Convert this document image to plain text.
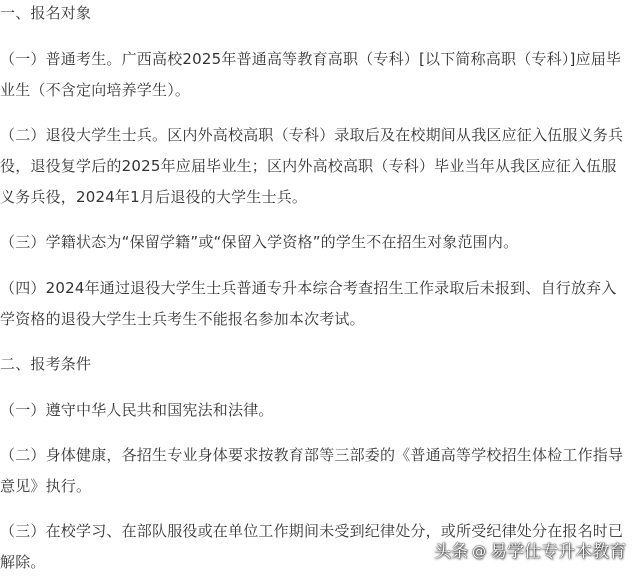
一、报名对象
（一）普通考生。广西高校2025年普通高等教育高职（专科）[以下简称高职（专科）]应届毕
业生（不含定向培养学生）。
（二）退役大学生士兵。区内外高校高职（专科）录取后及在校期间从我区应征入伍服义务兵
役，退役复学后的2025年应届毕业生；区内外高校高职（专科）毕业当年从我区应征入伍服
义务兵役，2024年1月后退役的大学生士兵。
（三）学籍状态为“保留学籍”或“保留入学资格”的学生不在招生对象范围内。
（四）2024年通过退役大学生士兵普通专升本综合考查招生工作录取后未报到、自行放弃入
学资格的退役大学生士兵考生不能报名参加本次考试。
二、报考条件
（一）遵守中华人民共和国宪法和法律。
（二）身体健康，各招生专业身体要求按教育部等三部委的《普通高等学校招生体检工作指导
意见》执行。
（三）在校学习、在部队服役或在单位工作期间未受到纪律处分，或所受纪律处分在报名时已
解除。	头条 @ 易学仕专升本教育
